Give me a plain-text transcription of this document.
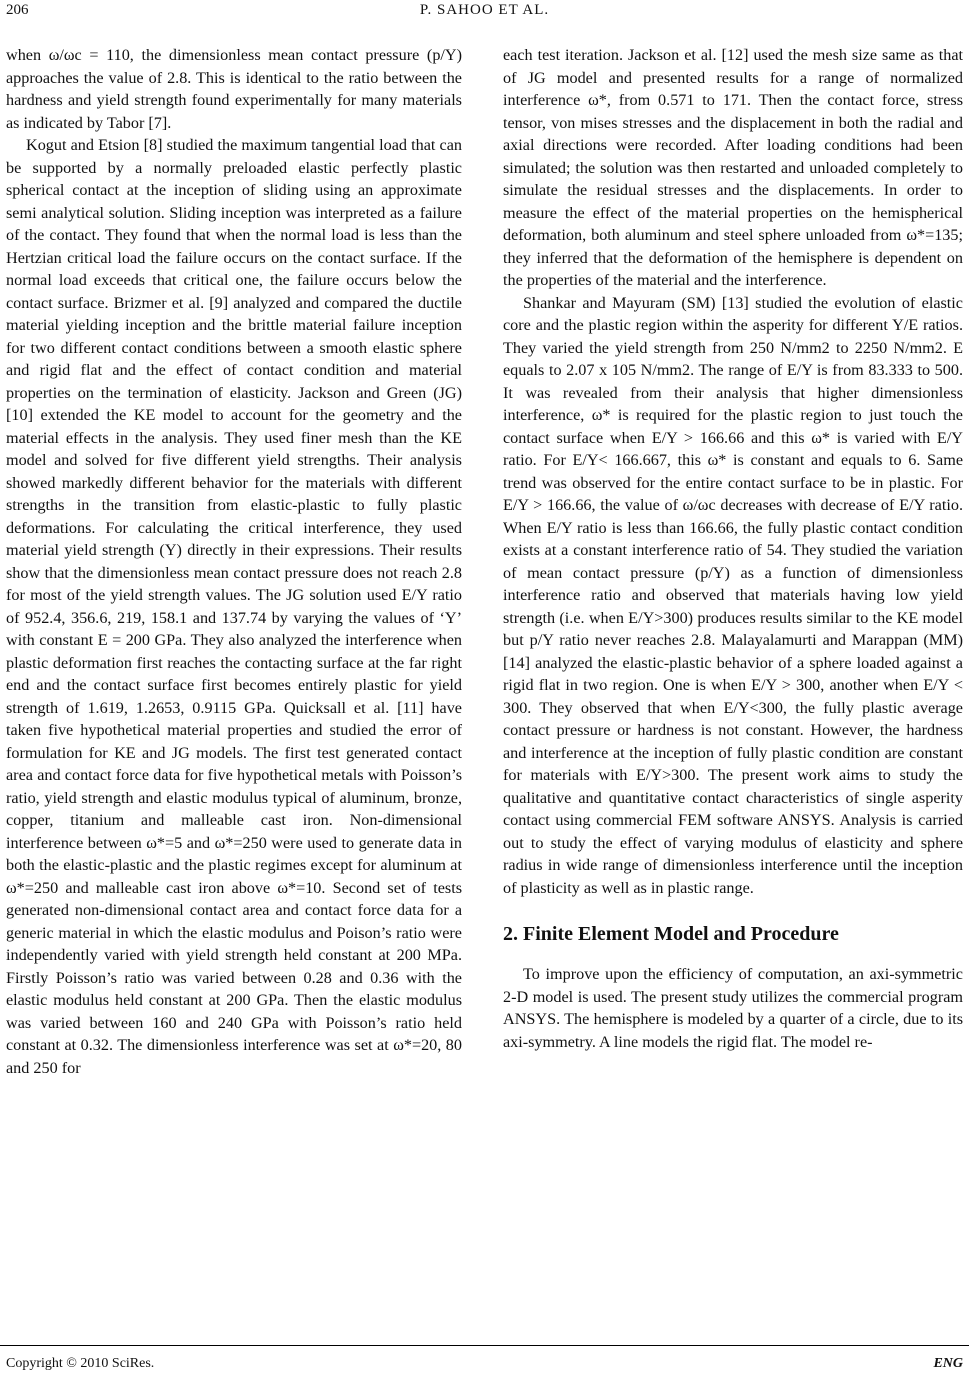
206	P. SAHOO ET AL.

when ω/ωc = 110, the dimensionless mean contact pressure (p/Y) approaches the value of 2.8. This is identical to the ratio between the hardness and yield strength found experimentally for many materials as indicated by Tabor [7].

Kogut and Etsion [8] studied the maximum tangential load that can be supported by a normally preloaded elastic perfectly plastic spherical contact at the inception of sliding using an approximate semi analytical solution. Sliding inception was interpreted as a failure of the contact. They found that when the normal load is less than the Hertzian critical load the failure occurs on the contact surface. If the normal load exceeds that critical one, the failure occurs below the contact surface. Brizmer et al. [9] analyzed and compared the ductile material yielding inception and the brittle material failure inception for two different contact conditions between a smooth elastic sphere and rigid flat and the effect of contact condition and material properties on the termination of elasticity. Jackson and Green (JG) [10] extended the KE model to account for the geometry and the material effects in the analysis. They used finer mesh than the KE model and solved for five different yield strengths. Their analysis showed markedly different behavior for the materials with different strengths in the transition from elastic-plastic to fully plastic deformations. For calculating the critical interference, they used material yield strength (Y) directly in their expressions. Their results show that the dimensionless mean contact pressure does not reach 2.8 for most of the yield strength values. The JG solution used E/Y ratio of 952.4, 356.6, 219, 158.1 and 137.74 by varying the values of ‘Y’ with constant E = 200 GPa. They also analyzed the interference when plastic deformation first reaches the contacting surface at the far right end and the contact surface first becomes entirely plastic for yield strength of 1.619, 1.2653, 0.9115 GPa. Quicksall et al. [11] have taken five hypothetical material properties and studied the error of formulation for KE and JG models. The first test generated contact area and contact force data for five hypothetical metals with Poisson’s ratio, yield strength and elastic modulus typical of aluminum, bronze, copper, titanium and malleable cast iron. Non-dimensional interference between ω*=5 and ω*=250 were used to generate data in both the elastic-plastic and the plastic regimes except for aluminum at ω*=250 and malleable cast iron above ω*=10. Second set of tests generated non-dimensional contact area and contact force data for a generic material in which the elastic modulus and Poison’s ratio were independently varied with yield strength held constant at 200 MPa. Firstly Poisson’s ratio was varied between 0.28 and 0.36 with the elastic modulus held constant at 200 GPa. Then the elastic modulus was varied between 160 and 240 GPa with Poisson’s ratio held constant at 0.32. The dimensionless interference was set at ω*=20, 80 and 250 for

each test iteration. Jackson et al. [12] used the mesh size same as that of JG model and presented results for a range of normalized interference ω*, from 0.571 to 171. Then the contact force, stress tensor, von mises stresses and the displacement in both the radial and axial directions were recorded. After loading conditions had been simulated; the solution was then restarted and unloaded completely to simulate the residual stresses and the displacements. In order to measure the effect of the material properties on the hemispherical deformation, both aluminum and steel sphere unloaded from ω*=135; they inferred that the deformation of the hemisphere is dependent on the properties of the material and the interference.

Shankar and Mayuram (SM) [13] studied the evolution of elastic core and the plastic region within the asperity for different Y/E ratios. They varied the yield strength from 250 N/mm2 to 2250 N/mm2. E equals to 2.07 x 105 N/mm2. The range of E/Y is from 83.333 to 500. It was revealed from their analysis that higher dimensionless interference, ω* is required for the plastic region to just touch the contact surface when E/Y > 166.66 and this ω* is varied with E/Y ratio. For E/Y< 166.667, this ω* is constant and equals to 6. Same trend was observed for the entire contact surface to be in plastic. For E/Y > 166.66, the value of ω/ωc decreases with decrease of E/Y ratio. When E/Y ratio is less than 166.66, the fully plastic contact condition exists at a constant interference ratio of 54. They studied the variation of mean contact pressure (p/Y) as a function of dimensionless interference ratio and observed that materials having low yield strength (i.e. when E/Y>300) produces results similar to the KE model but p/Y ratio never reaches 2.8. Malayalamurti and Marappan (MM) [14] analyzed the elastic-plastic behavior of a sphere loaded against a rigid flat in two region. One is when E/Y > 300, another when E/Y < 300. They observed that when E/Y<300, the fully plastic average contact pressure or hardness is not constant. However, the hardness and interference at the inception of fully plastic condition are constant for materials with E/Y>300. The present work aims to study the qualitative and quantitative contact characteristics of single asperity contact using commercial FEM software ANSYS. Analysis is carried out to study the effect of varying modulus of elasticity and sphere radius in wide range of dimensionless interference until the inception of plasticity as well as in plastic range.

2. Finite Element Model and Procedure

To improve upon the efficiency of computation, an axi-symmetric 2-D model is used. The present study utilizes the commercial program ANSYS. The hemisphere is modeled by a quarter of a circle, due to its axi-symmetry. A line models the rigid flat. The model re-

Copyright © 2010 SciRes.	ENG
